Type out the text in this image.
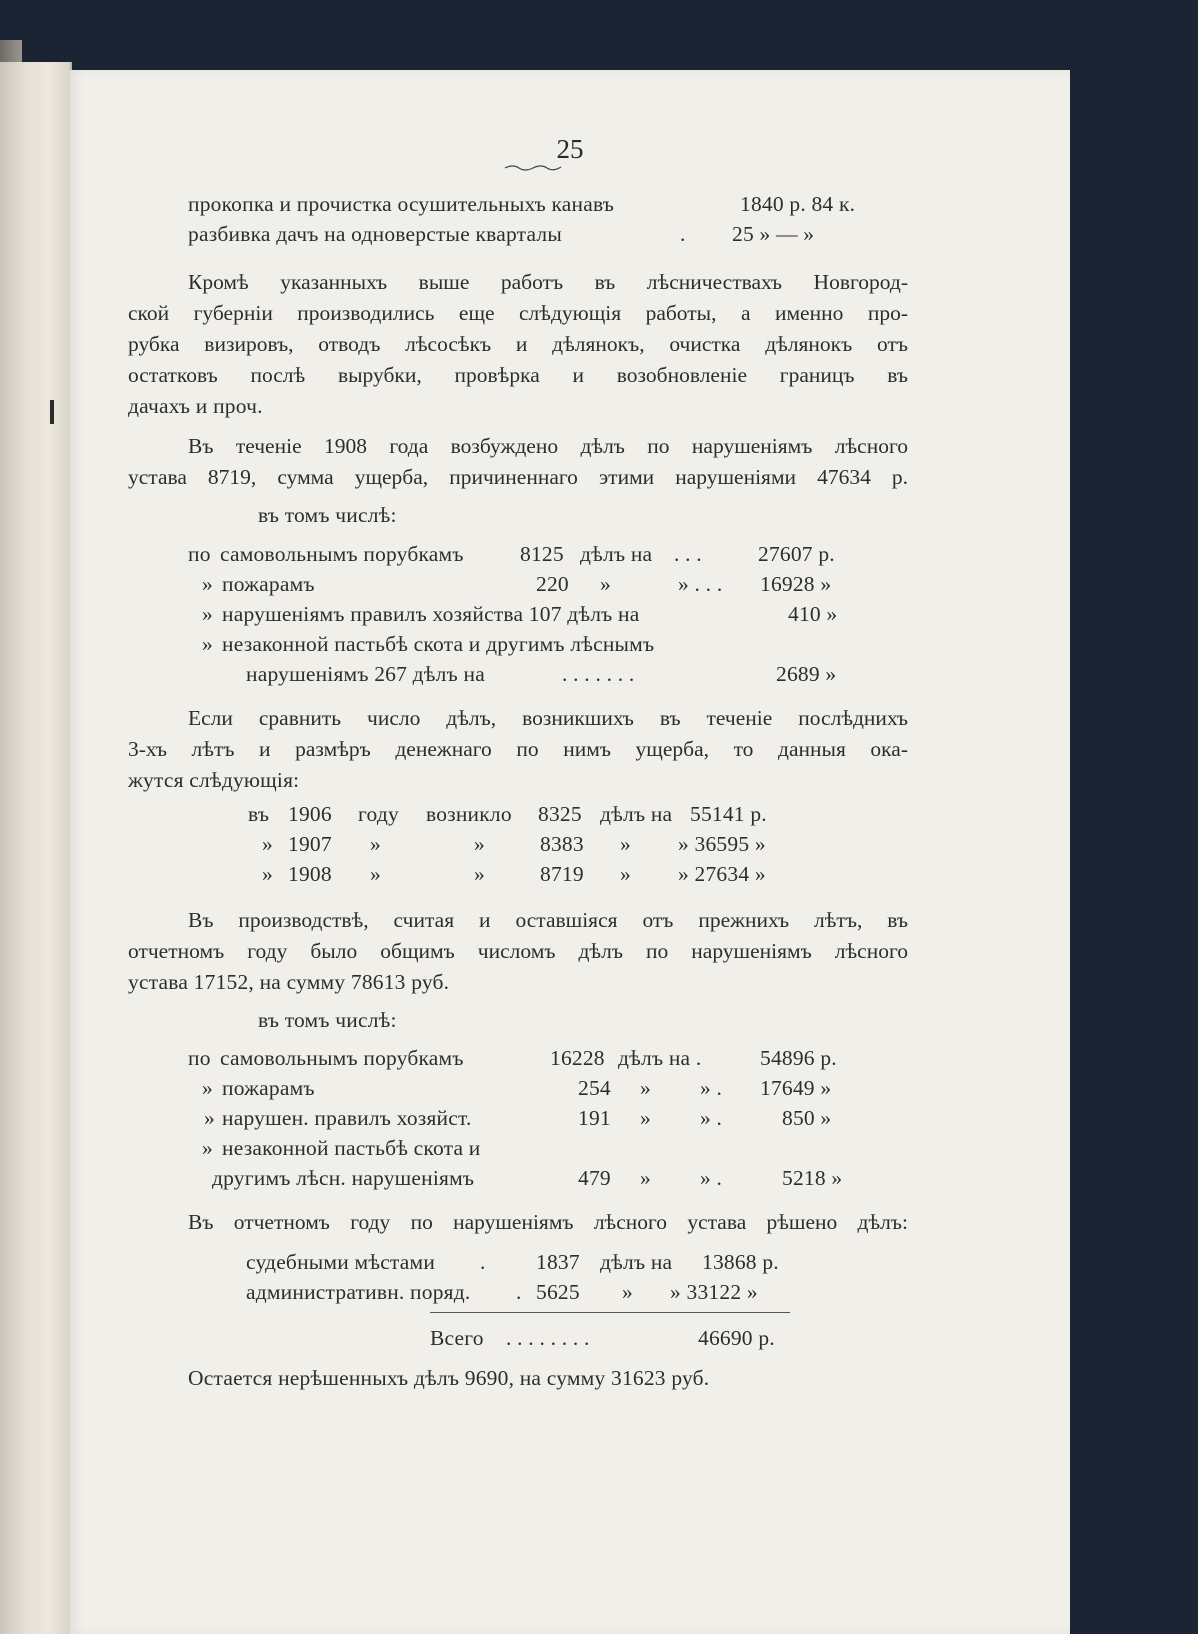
25
прокопка и прочистка осушительныхъ канавъ	1840 р. 84 к.
разбивка дачъ на одноверстые кварталы	. 25 » — »
Кромѣ указанныхъ выше работъ въ лѣсничествахъ Новгород-
ской губерніи производились еще слѣдующія работы, а именно про-
рубка визировъ, отводъ лѣсосѣкъ и дѣлянокъ, очистка дѣлянокъ отъ
остатковъ послѣ вырубки, провѣрка и возобновленіе границъ въ
дачахъ и проч.
Въ теченіе 1908 года возбуждено дѣлъ по нарушеніямъ лѣсного
устава 8719, сумма ущерба, причиненнаго этими нарушеніями 47634 р.
въ томъ числѣ:
по самовольнымъ порубкамъ	8125 дѣлъ на . . .	27607 р.
» пожарамъ	220 »	» . . . 16928 »
» нарушеніямъ правилъ хозяйства 107 дѣлъ на	410 »
» незаконной пастьбѣ скота и другимъ лѣснымъ
нарушеніямъ 267 дѣлъ на	. . . . . . .	2689 »
Если сравнить число дѣлъ, возникшихъ въ теченіе послѣднихъ
3-хъ лѣтъ и размѣръ денежнаго по нимъ ущерба, то данныя ока-
жутся слѣдующія:
въ 1906 году возникло 8325 дѣлъ на 55141 р.
» 1907 »	»	8383 » » 36595 »
» 1908 »	»	8719 » » 27634 »
Въ производствѣ, считая и оставшіяся отъ прежнихъ лѣтъ, въ
отчетномъ году было общимъ числомъ дѣлъ по нарушеніямъ лѣсного
устава 17152, на сумму 78613 руб.
въ томъ числѣ:
по самовольнымъ порубкамъ	16228 дѣлъ на .	54896 р.
» пожарамъ	254 » » . 17649 »
» нарушен. правилъ хозяйст.	191 » » .	850 »
» незаконной пастьбѣ скота и
другимъ лѣсн. нарушеніямъ	479 » » .	5218 »
Въ отчетномъ году по нарушеніямъ лѣсного устава рѣшено дѣлъ:
судебными мѣстами . 1837 дѣлъ на 13868 р.
административн. поряд. . 5625 » » 33122 »
Всего . . . . . . . .	46690 р.
Остается нерѣшенныхъ дѣлъ 9690, на сумму 31623 руб.
